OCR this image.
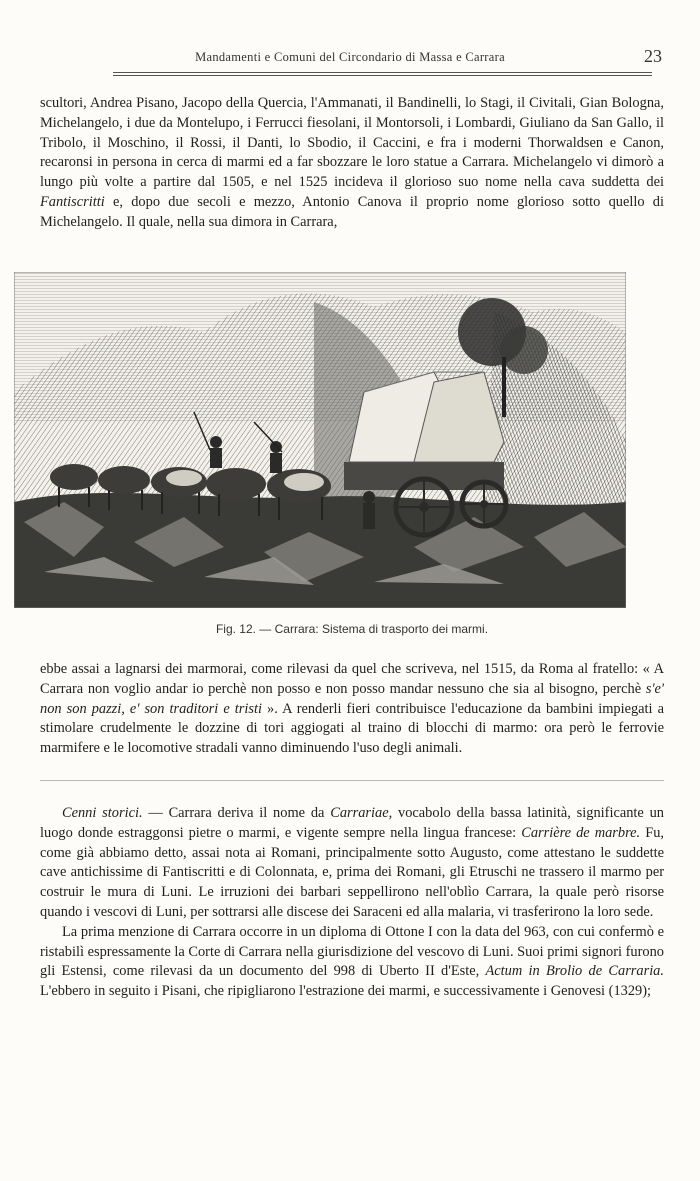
Mandamenti e Comuni del Circondario di Massa e Carrara	23

scultori, Andrea Pisano, Jacopo della Quercia, l'Ammanati, il Bandinelli, lo Stagi, il Civitali, Gian Bologna, Michelangelo, i due da Montelupo, i Ferrucci fiesolani, il Montorsoli, i Lombardi, Giuliano da San Gallo, il Tribolo, il Moschino, il Rossi, il Danti, lo Sbodio, il Caccini, e fra i moderni Thorwaldsen e Canon, recaronsi in persona in cerca di marmi ed a far sbozzare le loro statue a Carrara. Michelangelo vi dimorò a lungo più volte a partire dal 1505, e nel 1525 incideva il glorioso suo nome nella cava suddetta dei Fantiscritti e, dopo due secoli e mezzo, Antonio Canova il proprio nome glorioso sotto quello di Michelangelo. Il quale, nella sua dimora in Carrara,

Fig. 12. — Carrara: Sistema di trasporto dei marmi.

ebbe assai a lagnarsi dei marmorai, come rilevasi da quel che scriveva, nel 1515, da Roma al fratello: « A Carrara non voglio andar io perchè non posso e non posso mandar nessuno che sia al bisogno, perchè s'e' non son pazzi, e' son traditori e tristi ». A renderli fieri contribuisce l'educazione da bambini impiegati a stimolare crudelmente le dozzine di tori aggiogati al traino di blocchi di marmo: ora però le ferrovie marmifere e le locomotive stradali vanno diminuendo l'uso degli animali.

Cenni storici. — Carrara deriva il nome da Carrariae, vocabolo della bassa latinità, significante un luogo donde estraggonsi pietre o marmi, e vigente sempre nella lingua francese: Carrière de marbre. Fu, come già abbiamo detto, assai nota ai Romani, principalmente sotto Augusto, come attestano le suddette cave antichissime di Fantiscritti e di Colonnata, e, prima dei Romani, gli Etruschi ne trassero il marmo per costruir le mura di Luni. Le irruzioni dei barbari seppellirono nell'oblìo Carrara, la quale però risorse quando i vescovi di Luni, per sottrarsi alle discese dei Saraceni ed alla malaria, vi trasferirono la loro sede.

La prima menzione di Carrara occorre in un diploma di Ottone I con la data del 963, con cui confermò e ristabilì espressamente la Corte di Carrara nella giurisdizione del vescovo di Luni. Suoi primi signori furono gli Estensi, come rilevasi da un documento del 998 di Uberto II d'Este, Actum in Brolio de Carraria. L'ebbero in seguito i Pisani, che ripigliarono l'estrazione dei marmi, e successivamente i Genovesi (1329);
